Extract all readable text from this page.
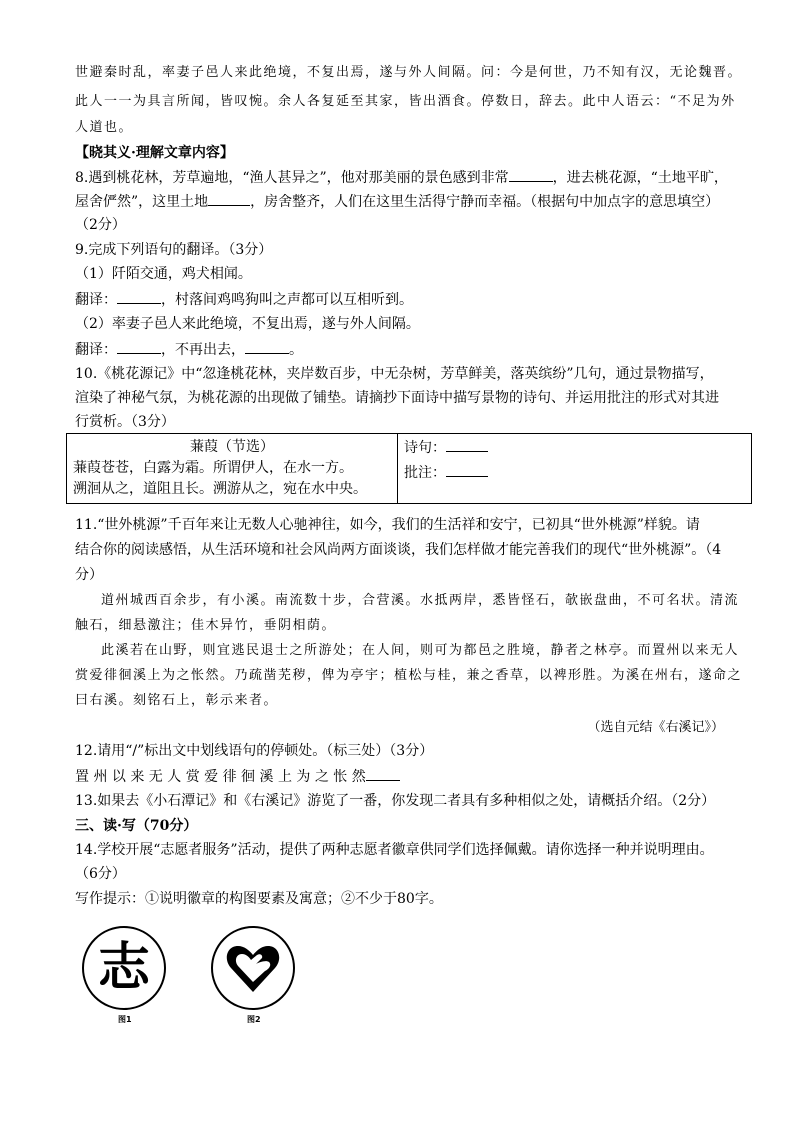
世避秦时乱，率妻子邑人来此绝境，不复出焉，遂与外人间隔。问：今是何世，乃不知有汉，无论魏晋。
此人一一为具言所闻，皆叹惋。余人各复延至其家，皆出酒食。停数日，辞去。此中人语云：“不足为外
人道也。
【晓其义·理解文章内容】
8.遇到桃花林，芳草遍地，“渔人甚异之”，他对那美丽的景色感到非常	，进去桃花源，“土地平旷，
屋舍俨然”，这里土地	，房舍整齐，人们在这里生活得宁静而幸福。（根据句中加点字的意思填空）
（2分）
9.完成下列语句的翻译。（3分）
（1）阡陌交通，鸡犬相闻。
翻译：	，村落间鸡鸣狗叫之声都可以互相听到。
（2）率妻子邑人来此绝境，不复出焉，遂与外人间隔。
翻译：	，不再出去，	。
10.《桃花源记》中“忽逢桃花林，夹岸数百步，中无杂树，芳草鲜美，落英缤纷”几句，通过景物描写，
渲染了神秘气氛，为桃花源的出现做了铺垫。请摘抄下面诗中描写景物的诗句、并运用批注的形式对其进
行赏析。（3分）
蒹葭（节选）
蒹葭苍苍，白露为霜。所谓伊人，在水一方。
溯洄从之，道阻且长。溯游从之，宛在水中央。

诗句：
批注：
11.“世外桃源”千百年来让无数人心驰神往，如今，我们的生活祥和安宁，已初具“世外桃源”样貌。请
结合你的阅读感悟，从生活环境和社会风尚两方面谈谈，我们怎样做才能完善我们的现代“世外桃源”。（4
分）
道州城西百余步，有小溪。南流数十步，合营溪。水抵两岸，悉皆怪石，欹嵌盘曲，不可名状。清流
触石，细悬激注；佳木异竹，垂阴相荫。
此溪若在山野，则宜逃民退士之所游处；在人间，则可为都邑之胜境，静者之林亭。而置州以来无人
赏爱徘徊溪上为之怅然。乃疏凿芜秽，俾为亭宇；植松与桂，兼之香草，以裨形胜。为溪在州右，遂命之
曰右溪。刻铭石上，彰示来者。
（选自元结《右溪记》）
12.请用“/”标出文中划线语句的停顿处。（标三处）（3分）
置 州 以 来 无 人 赏 爱 徘 徊 溪 上 为 之 怅 然
13.如果去《小石潭记》和《右溪记》游览了一番，你发现二者具有多种相似之处，请概括介绍。（2分）
三、读·写（70分）
14.学校开展“志愿者服务”活动，提供了两种志愿者徽章供同学们选择佩戴。请你选择一种并说明理由。
（6分）
写作提示：①说明徽章的构图要素及寓意；②不少于80字。
志
图1	图2
